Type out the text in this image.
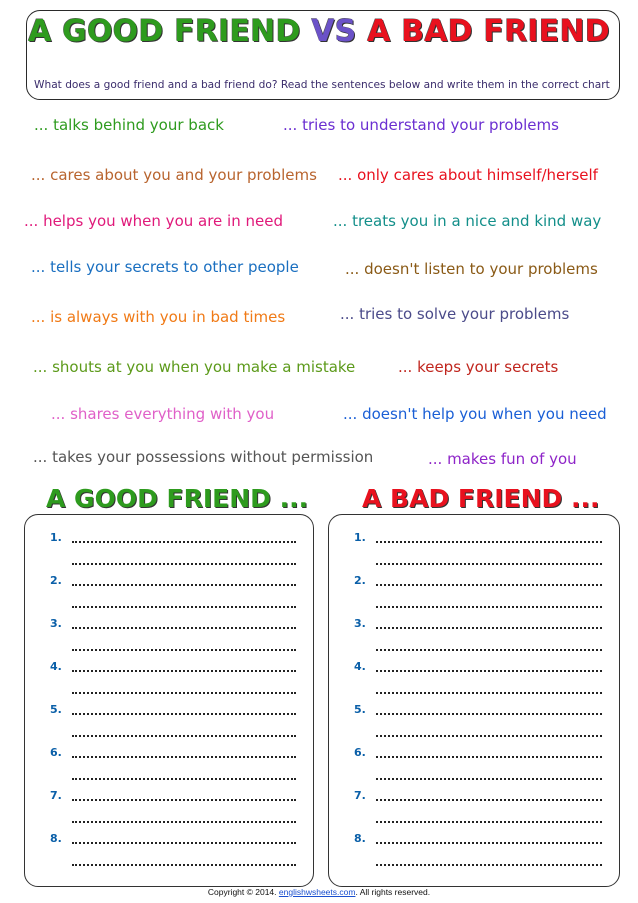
A GOOD FRIEND VS A BAD FRIEND
What does a good friend and a bad friend do? Read the sentences below and write them in the correct chart
... talks behind your back	... tries to understand your problems
... cares about you and your problems ... only cares about himself/herself
... helps you when you are in need	... treats you in a nice and kind way
... tells your secrets to other people	... doesn't listen to your problems
... is always with you in bad times	... tries to solve your problems
... shouts at you when you make a mistake	... keeps your secrets
... shares everything with you	... doesn't help you when you need
... takes your possessions without permission	... makes fun of you
A GOOD FRIEND ... A BAD FRIEND ...
1.
2.
3.
4.
5.
6.
7.
8.
1.
2.
3.
4.
5.
6.
7.
8.
Copyright © 2014. englishwsheets.com. All rights reserved.
